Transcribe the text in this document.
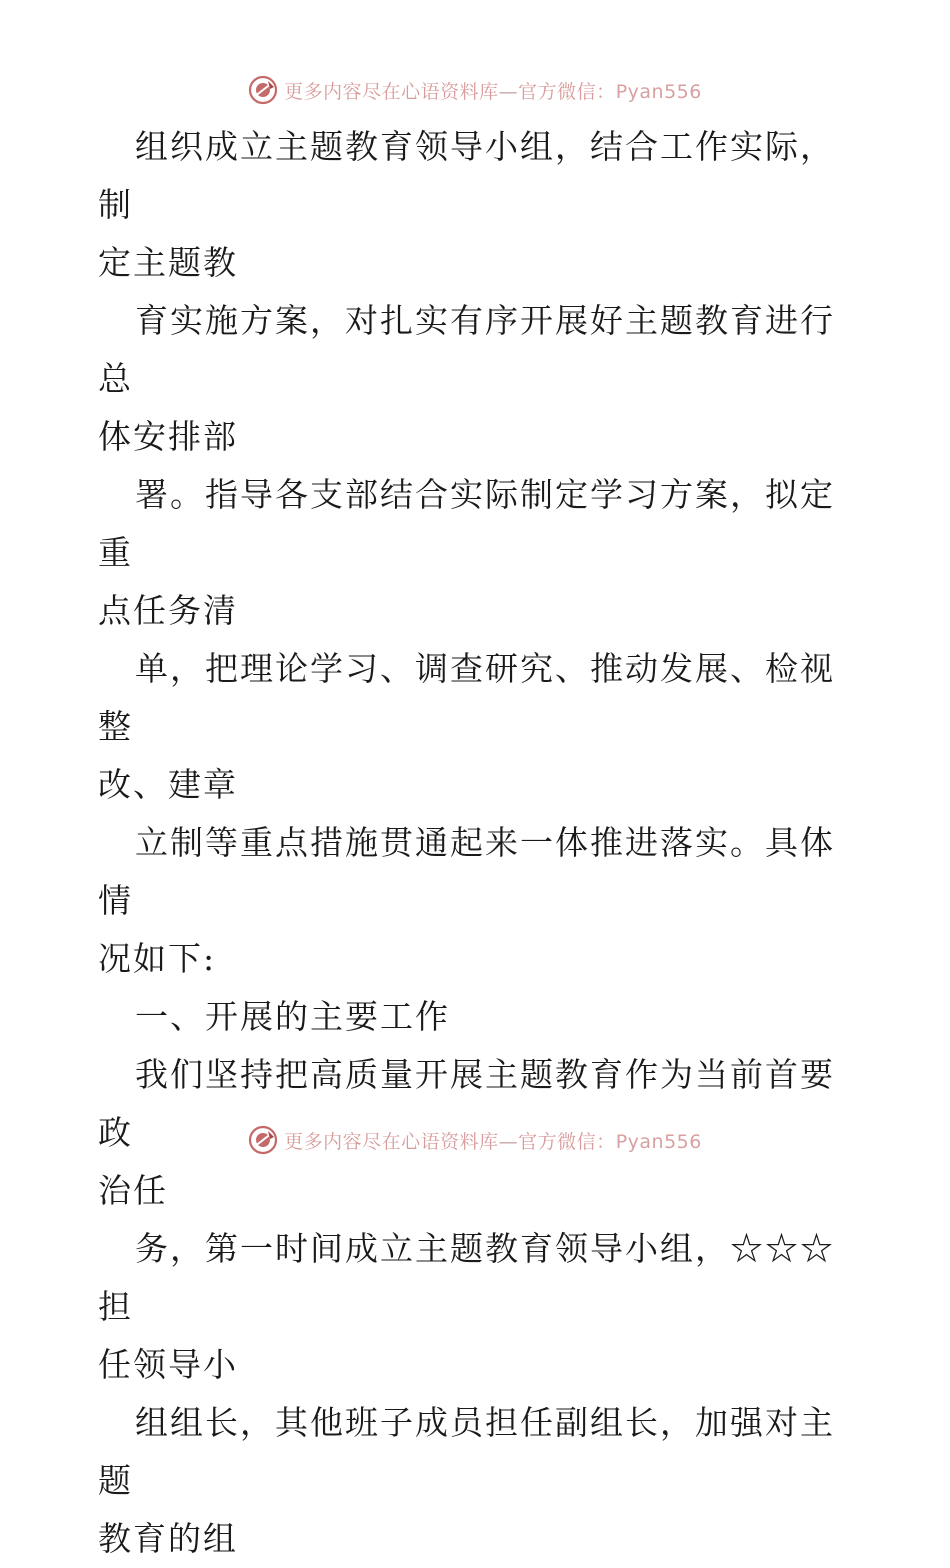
更多内容尽在心语资料库—官方微信：Pyan556

组织成立主题教育领导小组，结合工作实际，制
定主题教

育实施方案，对扎实有序开展好主题教育进行总
体安排部

署。指导各支部结合实际制定学习方案，拟定重
点任务清

单，把理论学习、调查研究、推动发展、检视整
改、建章

立制等重点措施贯通起来一体推进落实。具体情
况如下:

一、开展的主要工作

我们坚持把高质量开展主题教育作为当前首要政
治任

务，第一时间成立主题教育领导小组，☆☆☆担
任领导小

组组长，其他班子成员担任副组长，加强对主题
教育的组

更多内容尽在心语资料库—官方微信：Pyan556
